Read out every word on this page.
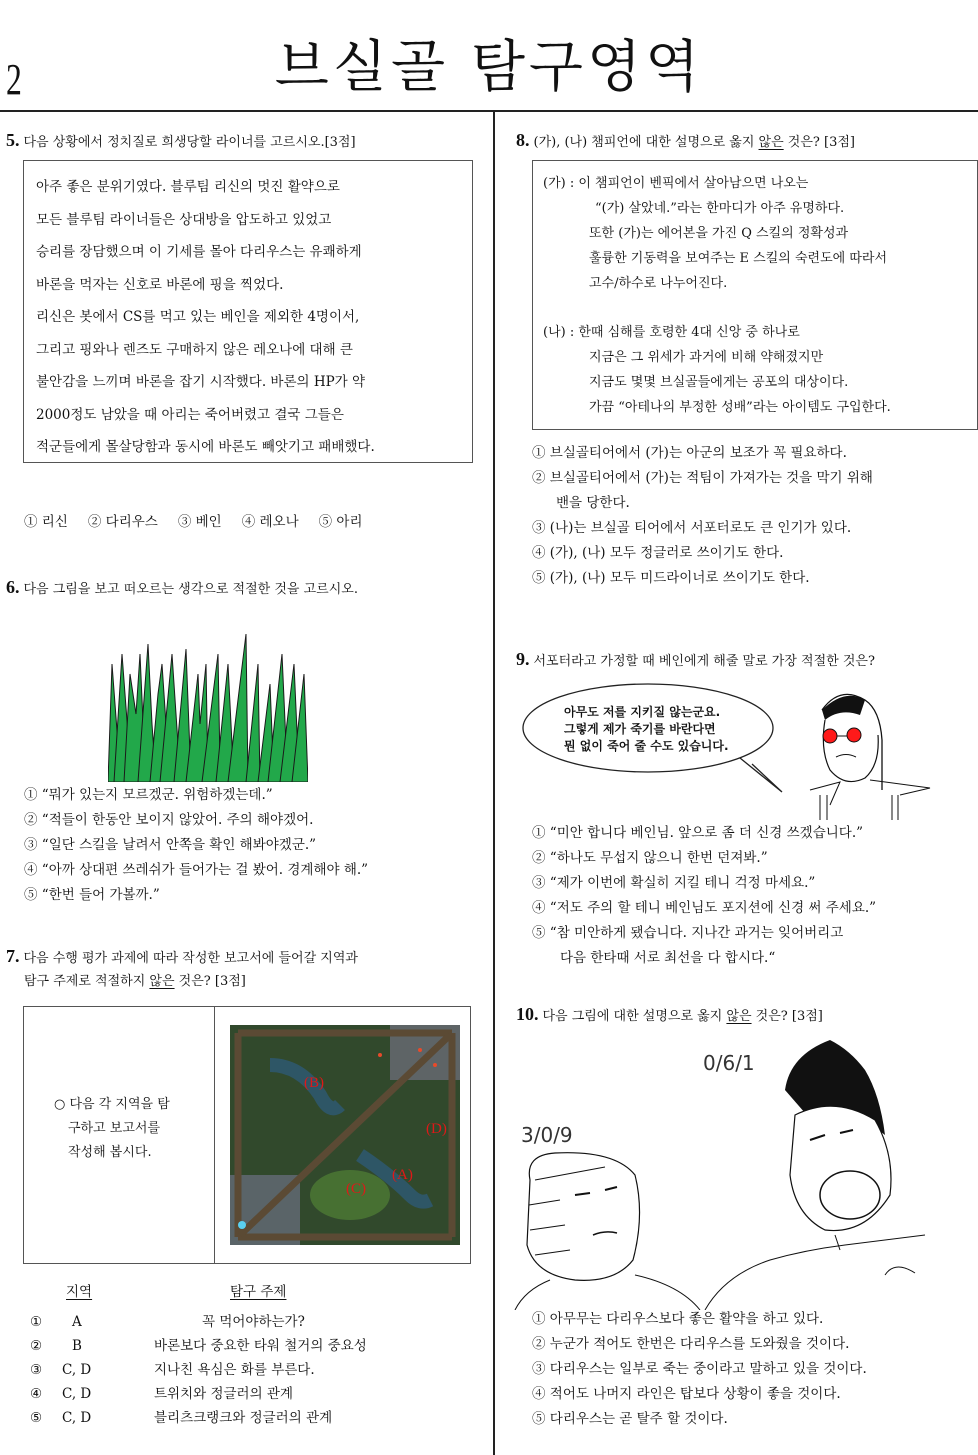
2	브실골 탐구영역
5. 다음 상황에서 정치질로 희생당할 라이너를 고르시오.[3점]
아주 좋은 분위기였다. 블루팀 리신의 멋진 활약으로
모든 블루팀 라이너들은 상대방을 압도하고 있었고
승리를 장담했으며 이 기세를 몰아 다리우스는 유쾌하게
바론을 먹자는 신호로 바론에 핑을 찍었다.
리신은 봇에서 CS를 먹고 있는 베인을 제외한 4명이서,
그리고 핑와나 렌즈도 구매하지 않은 레오나에 대해 큰
불안감을 느끼며 바론을 잡기 시작했다. 바론의 HP가 약
2000정도 남았을 때 아리는 죽어버렸고 결국 그들은
적군들에게 몰살당함과 동시에 바론도 빼앗기고 패배했다.
① 리신 ② 다리우스 ③ 베인 ④ 레오나 ⑤ 아리
6. 다음 그림을 보고 떠오르는 생각으로 적절한 것을 고르시오.
① “뭐가 있는지 모르겠군. 위험하겠는데.”
② “적들이 한동안 보이지 않았어. 주의 해야겠어.
③ “일단 스킬을 날려서 안쪽을 확인 해봐야겠군.”
④ “아까 상대편 쓰레쉬가 들어가는 걸 봤어. 경계해야 해.”
⑤ “한번 들어 가볼까.”
7. 다음 수행 평가 과제에 따라 작성한 보고서에 들어갈 지역과
탐구 주제로 적절하지 않은 것은? [3점]
○ 다음 각 지역을 탐
구하고 보고서를
작성해 봅시다.
(B)
(D)
(A)
(C)
지역	탐구 주제
① A	꼭 먹어야하는가?
② B	바론보다 중요한 타워 철거의 중요성
③ C, D	지나친 욕심은 화를 부른다.
④ C, D	트위치와 정글러의 관계
⑤ C, D	블리츠크랭크와 정글러의 관계
8. (가), (나) 챔피언에 대한 설명으로 옳지 않은 것은? [3점]
(가) : 이 챔피언이 벤픽에서 살아남으면 나오는
“(가) 살았네.”라는 한마디가 아주 유명하다.
또한 (가)는 에어본을 가진 Q 스킬의 정확성과
훌륭한 기동력을 보여주는 E 스킬의 숙련도에 따라서
고수/하수로 나누어진다.
(나) : 한때 심해를 호령한 4대 신앙 중 하나로
지금은 그 위세가 과거에 비해 약해졌지만
지금도 몇몇 브실골들에게는 공포의 대상이다.
가끔 “아테나의 부정한 성배”라는 아이템도 구입한다.
① 브실골티어에서 (가)는 아군의 보조가 꼭 필요하다.
② 브실골티어에서 (가)는 적팀이 가져가는 것을 막기 위해
밴을 당한다.
③ (나)는 브실골 티어에서 서포터로도 큰 인기가 있다.
④ (가), (나) 모두 정글러로 쓰이기도 한다.
⑤ (가), (나) 모두 미드라이너로 쓰이기도 한다.
9. 서포터라고 가정할 때 베인에게 해줄 말로 가장 적절한 것은?
아무도 저를 지키질 않는군요.
그렇게 제가 죽기를 바란다면
뭔 없이 죽어 줄 수도 있습니다.
① “미안 합니다 베인님. 앞으로 좀 더 신경 쓰겠습니다.”
② “하나도 무섭지 않으니 한번 던져봐.”
③ “제가 이번에 확실히 지킬 테니 걱정 마세요.”
④ “저도 주의 할 테니 베인님도 포지션에 신경 써 주세요.”
⑤ “참 미안하게 됐습니다. 지나간 과거는 잊어버리고
다음 한타때 서로 최선을 다 합시다.“
10. 다음 그림에 대한 설명으로 옳지 않은 것은? [3점]
3/0/9
0/6/1
① 아무무는 다리우스보다 좋은 활약을 하고 있다.
② 누군가 적어도 한번은 다리우스를 도와줬을 것이다.
③ 다리우스는 일부로 죽는 중이라고 말하고 있을 것이다.
④ 적어도 나머지 라인은 탑보다 상황이 좋을 것이다.
⑤ 다리우스는 곧 탈주 할 것이다.
